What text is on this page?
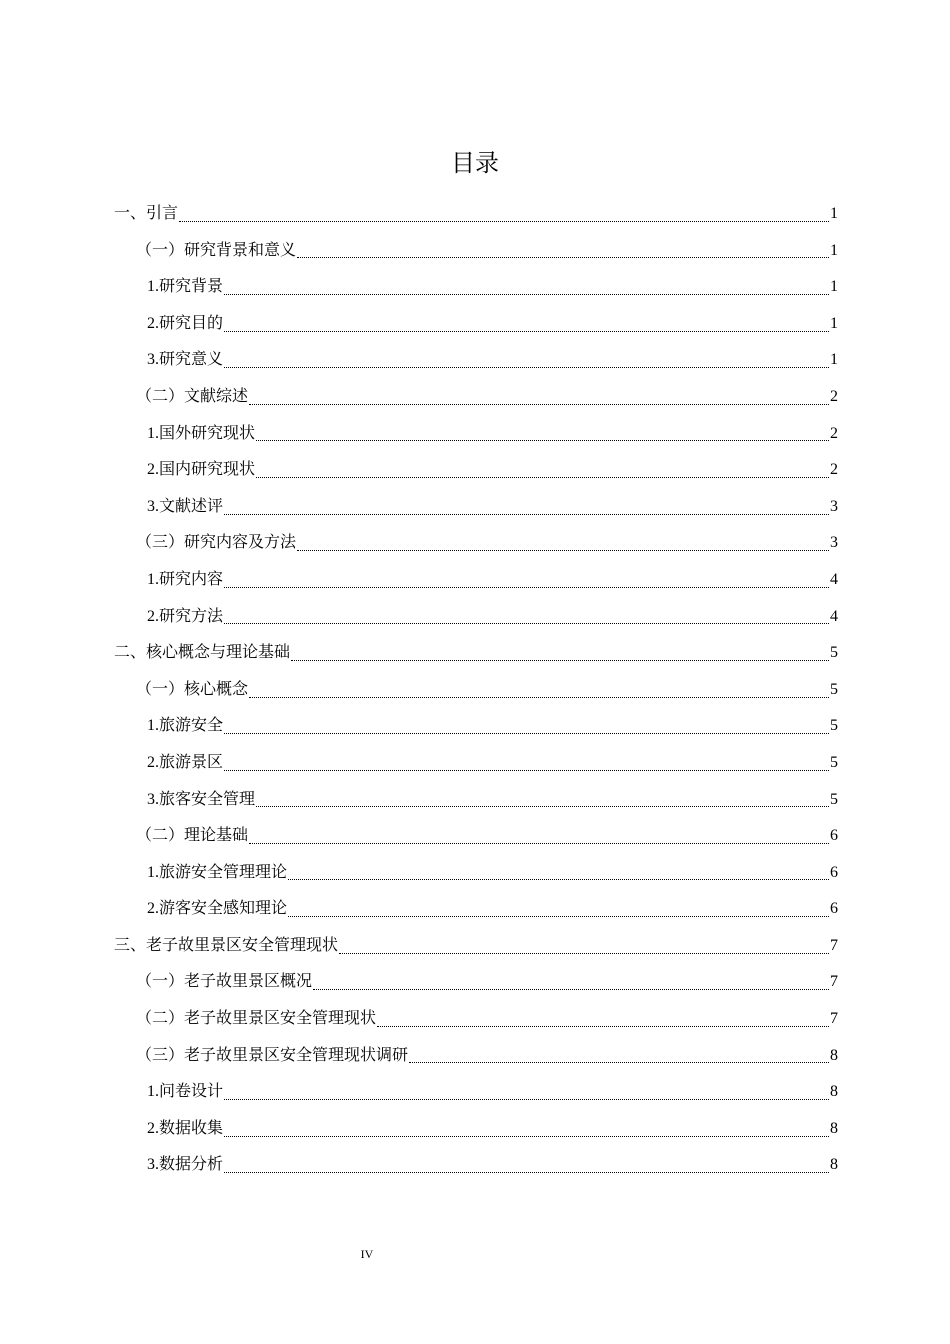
目录
一、引言	1
（一）研究背景和意义	1
1.研究背景	1
2.研究目的	1
3.研究意义	1
（二）文献综述	2
1.国外研究现状	2
2.国内研究现状	2
3.文献述评	3
（三）研究内容及方法	3
1.研究内容	4
2.研究方法	4
二、核心概念与理论基础	5
（一）核心概念	5
1.旅游安全	5
2.旅游景区	5
3.旅客安全管理	5
（二）理论基础	6
1.旅游安全管理理论	6
2.游客安全感知理论	6
三、老子故里景区安全管理现状	7
（一）老子故里景区概况	7
（二）老子故里景区安全管理现状	7
（三）老子故里景区安全管理现状调研	8
1.问卷设计	8
2.数据收集	8
3.数据分析	8
IV
